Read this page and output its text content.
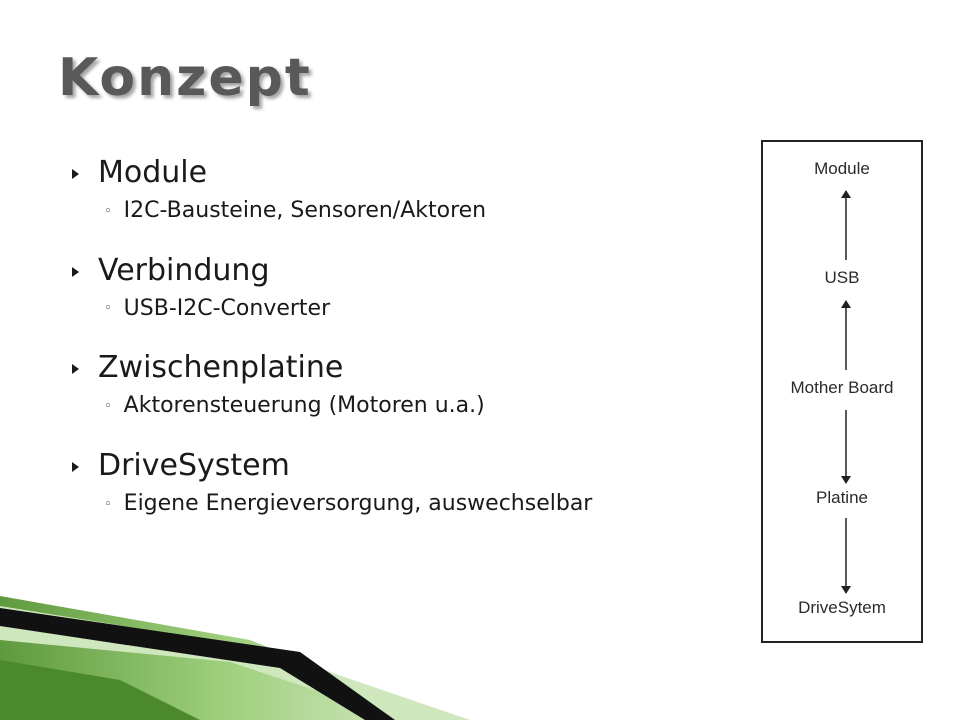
Konzept
Module
◦ I2C-Bausteine, Sensoren/Aktoren
Verbindung
◦ USB-I2C-Converter
Zwischenplatine
◦ Aktorensteuerung (Motoren u.a.)
DriveSystem
◦ Eigene Energieversorgung, auswechselbar
Module
USB
Mother Board
Platine
DriveSytem
